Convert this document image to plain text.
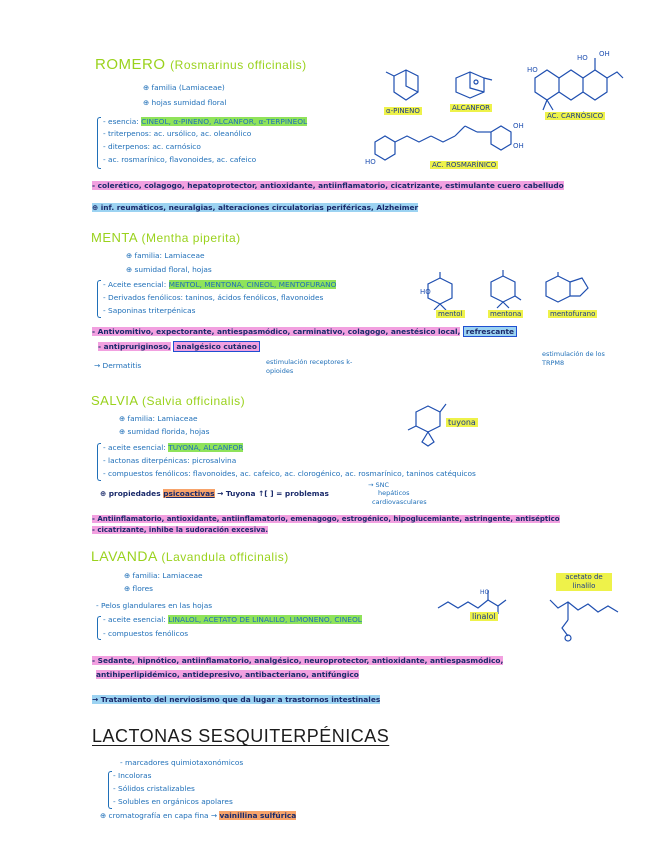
ROMERO (Rosmarinus officinalis)
⊕ familia (Lamiaceae)
⊕ hojas sumidad floral
- esencia: CINEOL, α-PINENO, ALCANFOR, α-TERPINEOL
- triterpenos: ac. ursólico, ac. oleanólico
- diterpenos: ac. carnósico
- ac. rosmarínico, flavonoides, ac. cafeico
α-PINENO	ALCANFOR
HO
HO OH
AC. CARNÓSICO
HO
OH
OH
AC. ROSMARÍNICO
- colerético, colagogo, hepatoprotector, antioxidante, antiinflamatorio, cicatrizante, estimulante cuero cabelludo
⊕ inf. reumáticos, neuralgias, alteraciones circulatorias periféricas, Alzheimer
MENTA (Mentha piperita)
⊕ familia: Lamiaceae
⊕ sumidad floral, hojas
- Aceite esencial: MENTOL, MENTONA, CINEOL, MENTOFURANO
- Derivados fenólicos: taninos, ácidos fenólicos, flavonoides
- Saponinas triterpénicas
HO
mentol	mentona	mentofurano
- Antivomitivo, expectorante, antiespasmódico, carminativo, colagogo, anestésico local, refrescante
- antipruriginoso, analgésico cutáneo
estimulación receptores k-opioides
estimulación de los TRPM8
→ Dermatitis
SALVIA (Salvia officinalis)
⊕ familia: Lamiaceae
⊕ sumidad florida, hojas
tuyona
- aceite esencial: TUYONA, ALCANFOR
- lactonas diterpénicas: picrosalvina
- compuestos fenólicos: flavonoides, ac. cafeico, ac. clorogénico, ac. rosmarínico, taninos catéquicos
⊕ propiedades psicoactivas → Tuyona ↑[ ] = problemas
→ SNC
hepáticos
cardiovasculares
- Antiinflamatorio, antioxidante, antiinflamatorio, emenagogo, estrogénico, hipoglucemiante, astringente, antiséptico
- cicatrizante, inhibe la sudoración excesiva.
LAVANDA (Lavandula officinalis)
⊕ familia: Lamiaceae
⊕ flores
- Pelos glandulares en las hojas
- aceite esencial: LINALOL, ACETATO DE LINALILO, LIMONENO, CINEOL
- compuestos fenólicos
HO
linalol
acetato de linalilo
- Sedante, hipnótico, antiinflamatorio, analgésico, neuroprotector, antioxidante, antiespasmódico,
antihiperlipidémico, antidepresivo, antibacteriano, antifúngico
→ Tratamiento del nerviosismo que da lugar a trastornos intestinales
LACTONAS SESQUITERPÉNICAS
- marcadores quimiotaxonómicos
- Incoloras
- Sólidos cristalizables
- Solubles en orgánicos apolares
⊕ cromatografía en capa fina → vainillina sulfúrica
